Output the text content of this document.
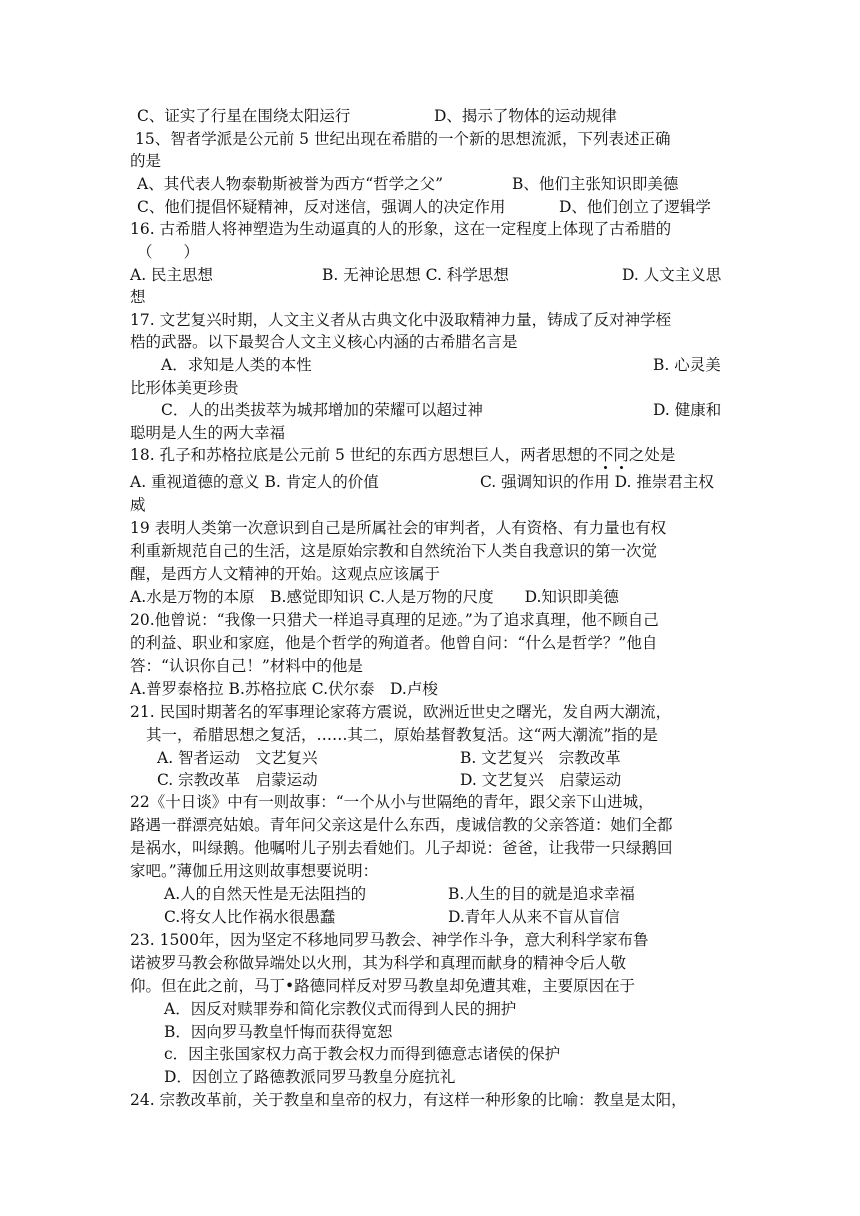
C、证实了行星在围绕太阳运行	D、揭示了物体的运动规律
15、智者学派是公元前 5 世纪出现在希腊的一个新的思想流派，下列表述正确
的是
A、其代表人物泰勒斯被誉为西方“哲学之父”	B、他们主张知识即美德
C、他们提倡怀疑精神，反对迷信，强调人的决定作用	D、他们创立了逻辑学
16. 古希腊人将神塑造为生动逼真的人的形象，这在一定程度上体现了古希腊的
（　　）
A. 民主思想	B. 无神论思想 C. 科学思想	D. 人文主义思
想
17. 文艺复兴时期，人文主义者从古典文化中汲取精神力量，铸成了反对神学桎
梏的武器。以下最契合人文主义核心内涵的古希腊名言是
A．求知是人类的本性	B. 心灵美
比形体美更珍贵
C．人的出类拔萃为城邦增加的荣耀可以超过神	D. 健康和
聪明是人生的两大幸福
18. 孔子和苏格拉底是公元前 5 世纪的东西方思想巨人，两者思想的不同之处是
A. 重视道德的意义 B. 肯定人的价值	C. 强调知识的作用 D. 推崇君主权
威
19 表明人类第一次意识到自己是所属社会的审判者，人有资格、有力量也有权
利重新规范自己的生活，这是原始宗教和自然统治下人类自我意识的第一次觉
醒，是西方人文精神的开始。这观点应该属于
A.水是万物的本原　B.感觉即知识 C.人是万物的尺度　　D.知识即美德
20.他曾说：“我像一只猎犬一样追寻真理的足迹。”为了追求真理，他不顾自己
的利益、职业和家庭，他是个哲学的殉道者。他曾自问：“什么是哲学？”他自
答：“认识你自己！”材料中的他是
A.普罗泰格拉 B.苏格拉底 C.伏尔泰　D.卢梭
21. 民国时期著名的军事理论家蒋方震说，欧洲近世史之曙光，发自两大潮流，
其一，希腊思想之复活，……其二，原始基督教复活。这“两大潮流”指的是
A. 智者运动　文艺复兴	B. 文艺复兴　宗教改革
C. 宗教改革　启蒙运动	D. 文艺复兴　启蒙运动
22《十日谈》中有一则故事：“一个从小与世隔绝的青年，跟父亲下山进城，
路遇一群漂亮姑娘。青年问父亲这是什么东西，虔诚信教的父亲答道：她们全都
是祸水，叫绿鹅。他嘱咐儿子别去看她们。儿子却说：爸爸，让我带一只绿鹅回
家吧。”薄伽丘用这则故事想要说明：
A.人的自然天性是无法阻挡的	B.人生的目的就是追求幸福
C.将女人比作祸水很愚蠢	D.青年人从来不盲从盲信
23. 1500年，因为坚定不移地同罗马教会、神学作斗争，意大利科学家布鲁
诺被罗马教会称做异端处以火刑，其为科学和真理而献身的精神令后人敬
仰。但在此之前，马丁•路德同样反对罗马教皇却免遭其难，主要原因在于
A．因反对赎罪券和简化宗教仪式而得到人民的拥护
B．因向罗马教皇忏悔而获得宽恕
c．因主张国家权力高于教会权力而得到德意志诸侯的保护
D．因创立了路德教派同罗马教皇分庭抗礼
24. 宗教改革前，关于教皇和皇帝的权力，有这样一种形象的比喻：教皇是太阳，
